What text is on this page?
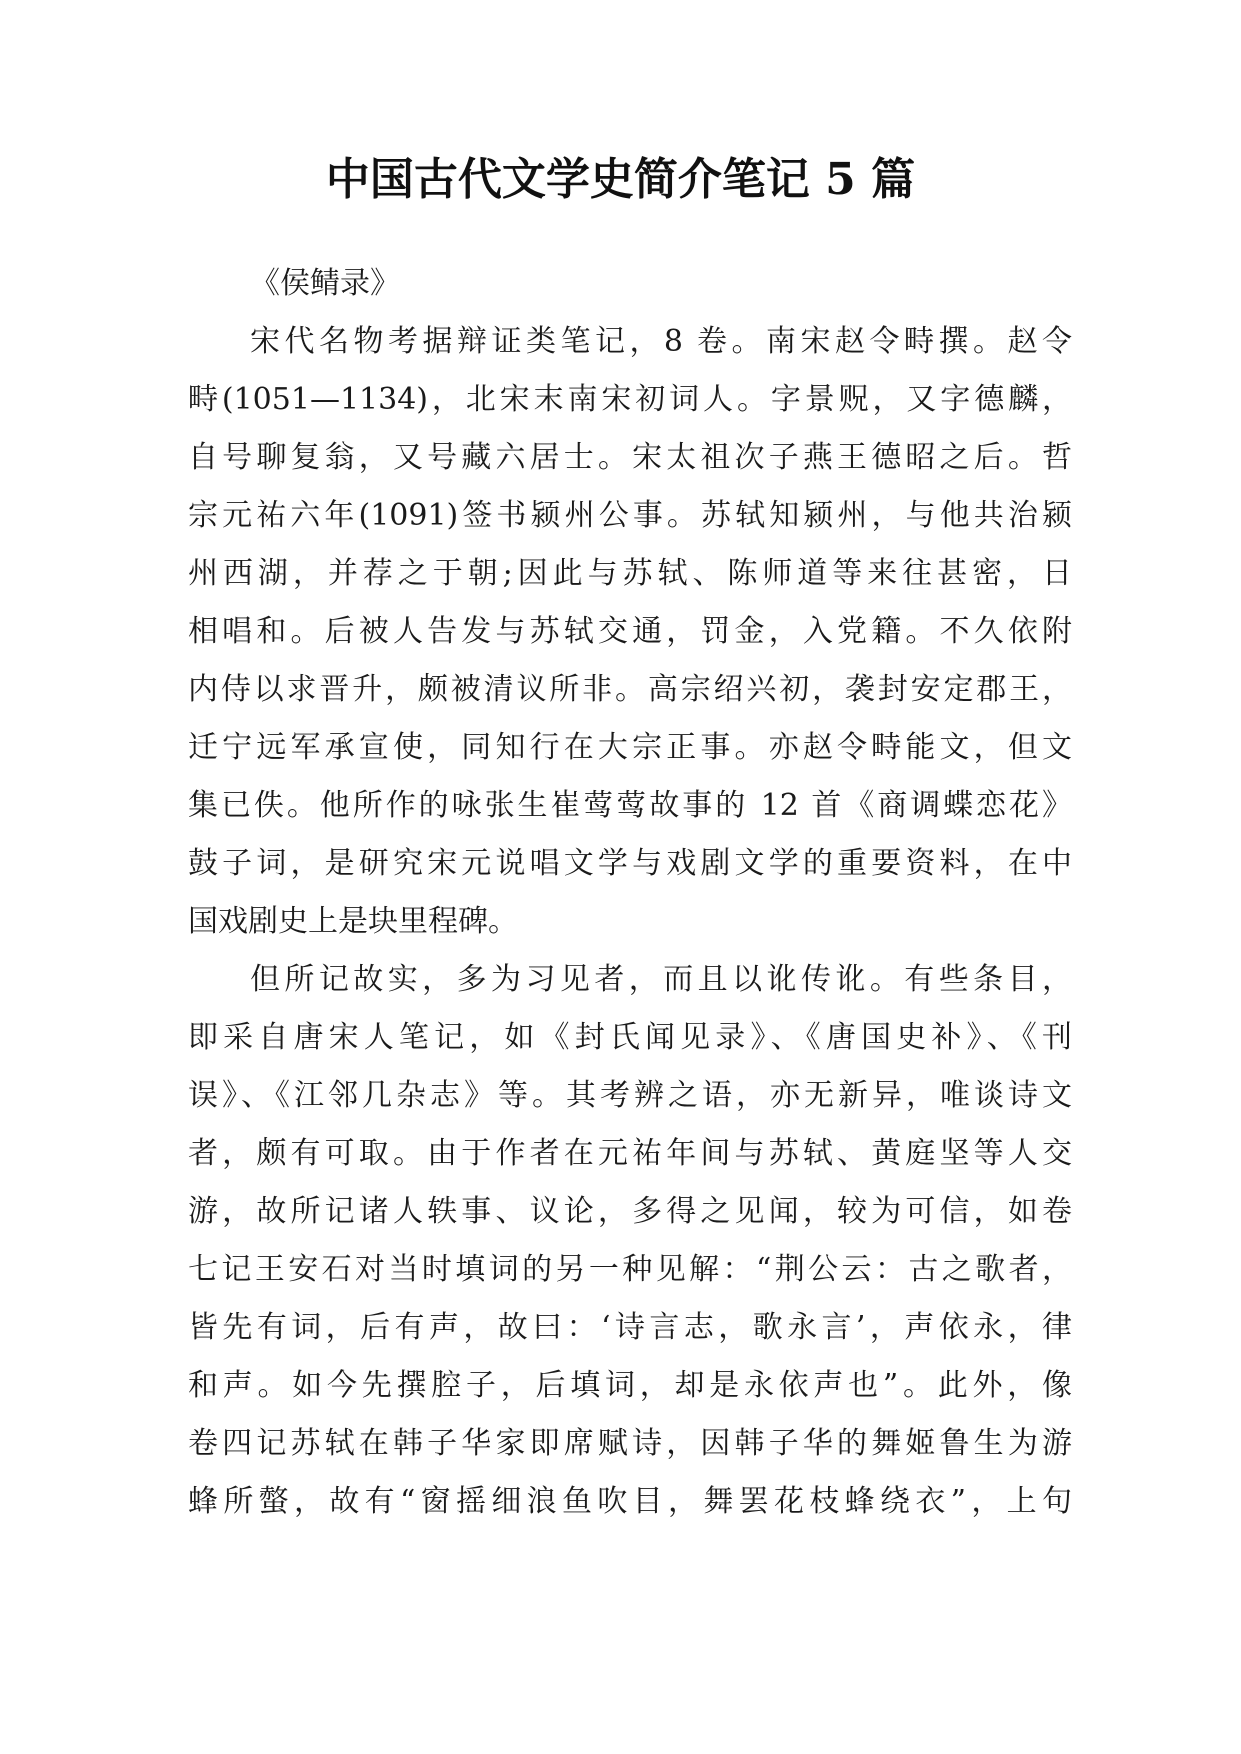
中国古代文学史简介笔记 5 篇
《侯鲭录》
宋代名物考据辩证类笔记，8 卷。南宋赵令畤撰。赵令
畤(1051—1134)，北宋末南宋初词人。字景贶，又字德麟，
自号聊复翁，又号藏六居士。宋太祖次子燕王德昭之后。哲
宗元祐六年(1091)签书颍州公事。苏轼知颍州，与他共治颍
州西湖，并荐之于朝;因此与苏轼、陈师道等来往甚密，日
相唱和。后被人告发与苏轼交通，罚金，入党籍。不久依附
内侍以求晋升，颇被清议所非。高宗绍兴初，袭封安定郡王，
迁宁远军承宣使，同知行在大宗正事。亦赵令畤能文，但文
集已佚。他所作的咏张生崔莺莺故事的 12 首《商调蝶恋花》
鼓子词，是研究宋元说唱文学与戏剧文学的重要资料，在中
国戏剧史上是块里程碑。
但所记故实，多为习见者，而且以讹传讹。有些条目，
即采自唐宋人笔记，如《封氏闻见录》、《唐国史补》、《刊
误》、《江邻几杂志》等。其考辨之语，亦无新异，唯谈诗文
者，颇有可取。由于作者在元祐年间与苏轼、黄庭坚等人交
游，故所记诸人轶事、议论，多得之见闻，较为可信，如卷
七记王安石对当时填词的另一种见解：“荆公云：古之歌者，
皆先有词，后有声，故曰：‘诗言志，歌永言’，声依永，律
和声。如今先撰腔子，后填词，却是永依声也”。此外，像
卷四记苏轼在韩子华家即席赋诗，因韩子华的舞姬鲁生为游
蜂所螫，故有“窗摇细浪鱼吹目，舞罢花枝蜂绕衣”，上句
